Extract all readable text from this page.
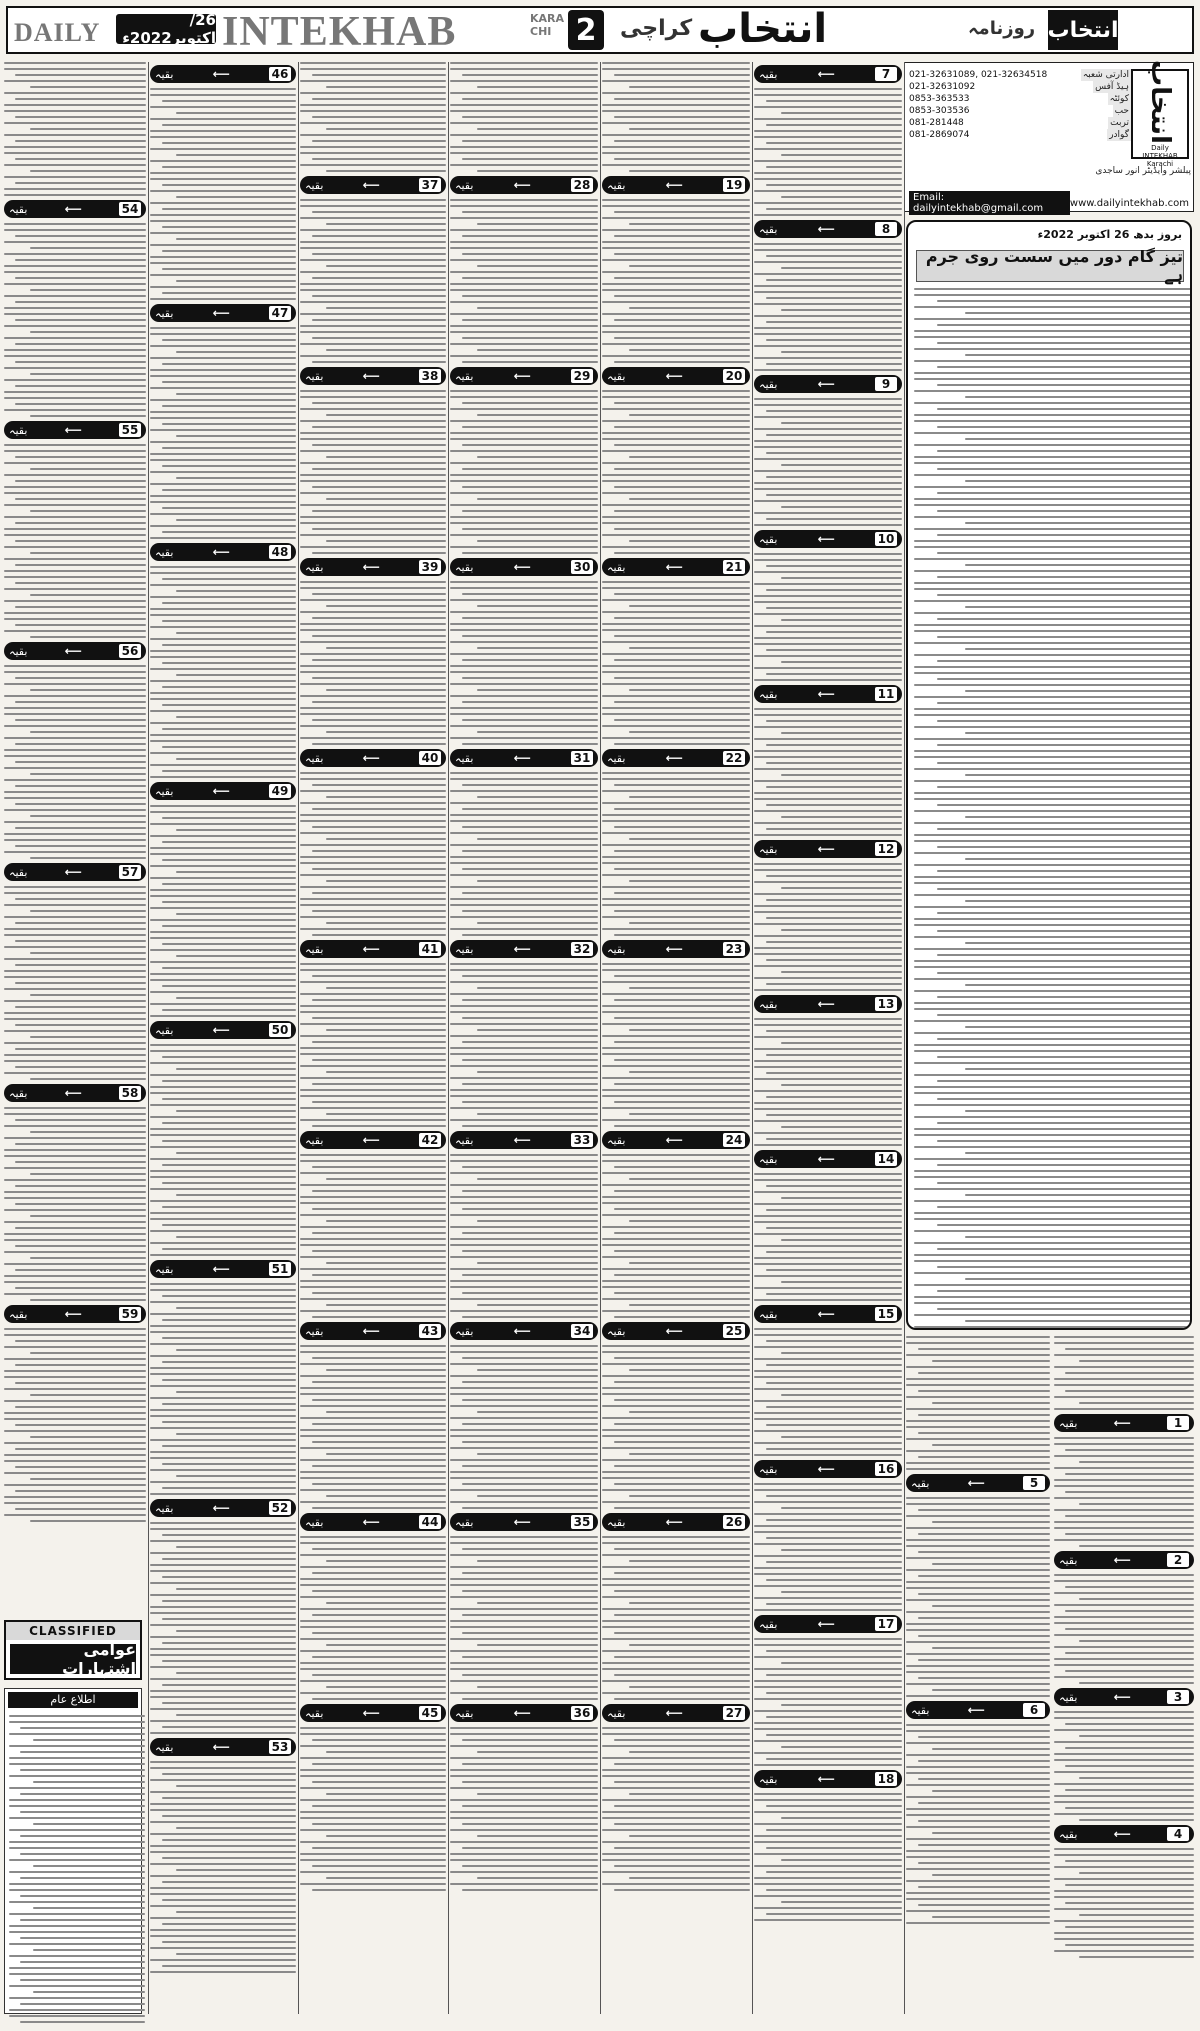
DAILY	26/اکتوبر2022ء INTEKHAB	KARA
CHI 2	کراچی انتخاب	روزنامہ انتخاب
انتخاب
Daily INTEKHAB Karachi
021-32631089, 021-32634518	ادارتی شعبہ
021-32631092	ہیڈ آفس
0853-363533	کوئٹہ
0853-303536	حب
081-281448	تربت
081-2869074	گوادر
پبلشر وایڈیٹر انور ساجدی
Email: dailyintekhab@gmail.com	www.dailyintekhab.com
بروز بدھ 26 اکتوبر 2022ء
تیز گام دور میں سست روی جرم ہے
بقیہ	⟵	54
بقیہ	⟵	55
بقیہ	⟵	56
بقیہ	⟵	57
بقیہ	⟵	58
بقیہ	⟵	59
بقیہ	⟵	46
بقیہ	⟵	47
بقیہ	⟵	48
بقیہ	⟵	49
بقیہ	⟵	50
بقیہ	⟵	51
بقیہ	⟵	52
بقیہ	⟵	53
بقیہ	⟵	37
بقیہ	⟵	38
بقیہ	⟵	39
بقیہ	⟵	40
بقیہ	⟵	41
بقیہ	⟵	42
بقیہ	⟵	43
بقیہ	⟵	44
بقیہ	⟵	45
بقیہ	⟵	28
بقیہ	⟵	29
بقیہ	⟵	30
بقیہ	⟵	31
بقیہ	⟵	32
بقیہ	⟵	33
بقیہ	⟵	34
بقیہ	⟵	35
بقیہ	⟵	36
بقیہ	⟵	19
بقیہ	⟵	20
بقیہ	⟵	21
بقیہ	⟵	22
بقیہ	⟵	23
بقیہ	⟵	24
بقیہ	⟵	25
بقیہ	⟵	26
بقیہ	⟵	27
بقیہ	⟵	7
بقیہ	⟵	8
بقیہ	⟵	9
بقیہ	⟵	10
بقیہ	⟵	11
بقیہ	⟵	12
بقیہ	⟵	13
بقیہ	⟵	14
بقیہ	⟵	15
بقیہ	⟵	16
بقیہ	⟵	17
بقیہ	⟵	18
بقیہ	⟵	5
بقیہ	⟵	6
بقیہ	⟵	1
بقیہ	⟵	2
بقیہ	⟵	3
بقیہ	⟵	4
CLASSIFIED
عوامی اشتہارات
اطلاع عام
